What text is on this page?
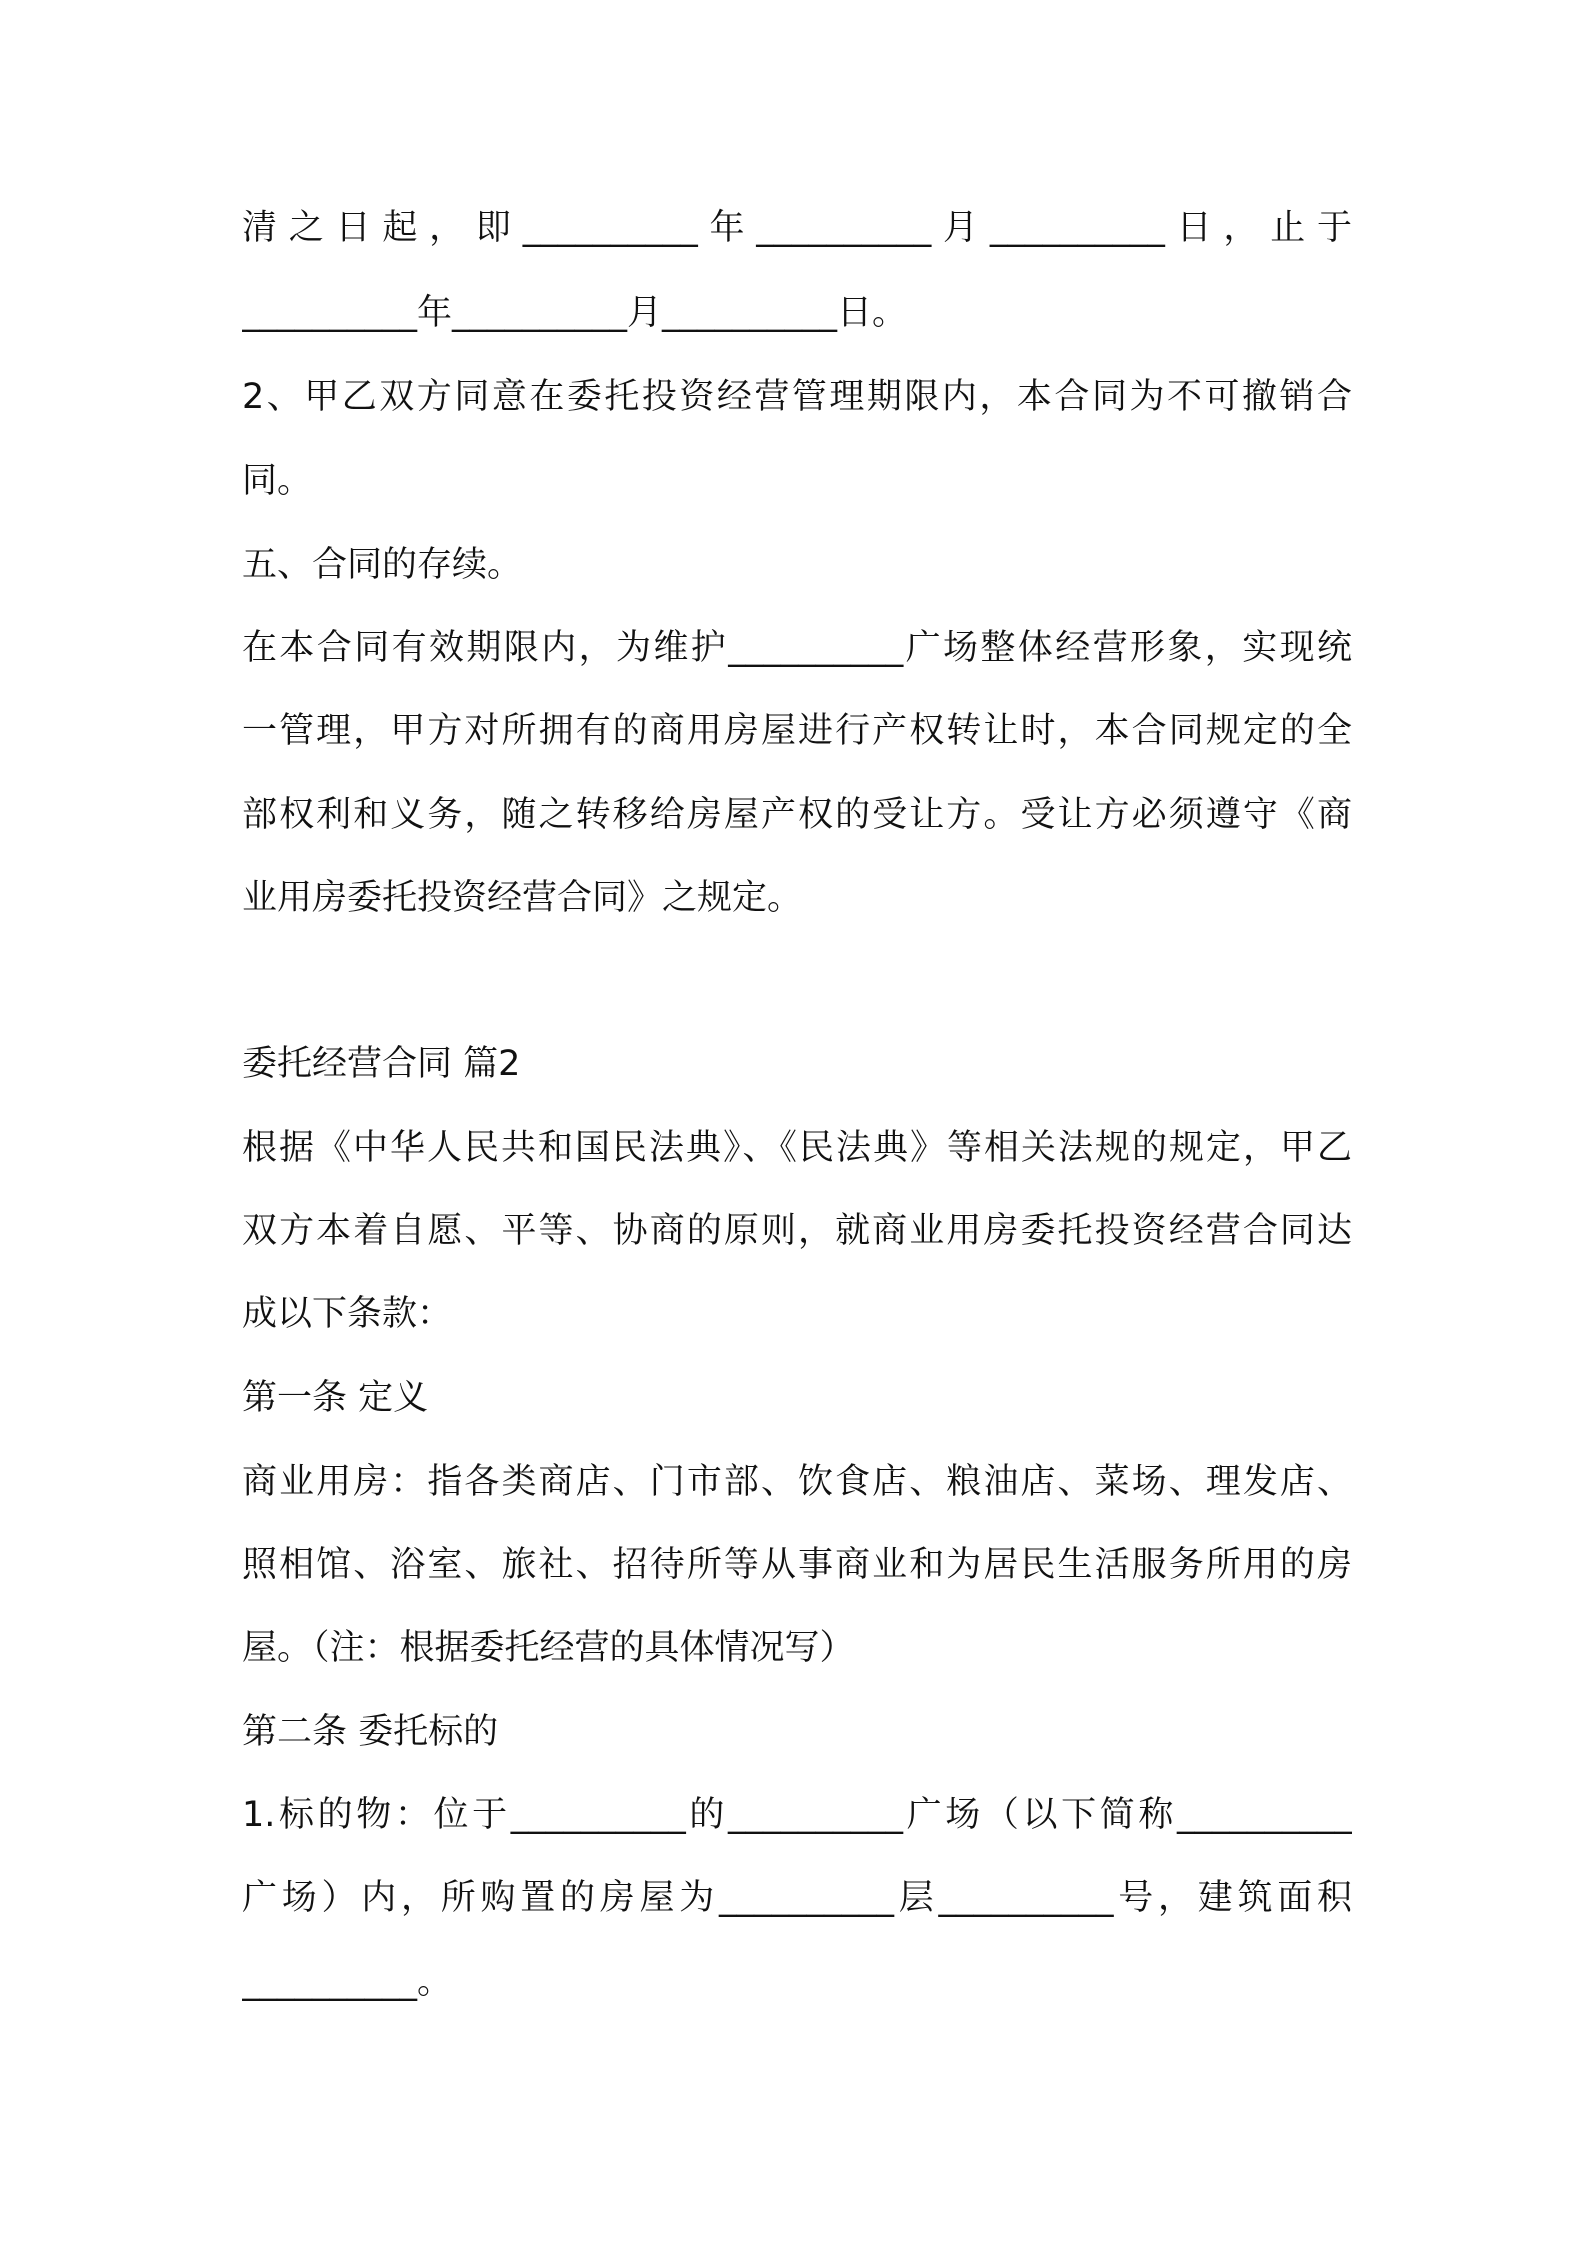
清之日起，即__________年__________月__________日，止于
__________年__________月__________日。
2、甲乙双方同意在委托投资经营管理期限内，本合同为不可撤销合
同。
五、合同的存续。
在本合同有效期限内，为维护__________广场整体经营形象，实现统
一管理，甲方对所拥有的商用房屋进行产权转让时，本合同规定的全
部权利和义务，随之转移给房屋产权的受让方。受让方必须遵守《商
业用房委托投资经营合同》之规定。
委托经营合同 篇2
根据《中华人民共和国民法典》、《民法典》等相关法规的规定，甲乙
双方本着自愿、平等、协商的原则，就商业用房委托投资经营合同达
成以下条款：
第一条 定义
商业用房：指各类商店、门市部、饮食店、粮油店、菜场、理发店、
照相馆、浴室、旅社、招待所等从事商业和为居民生活服务所用的房
屋。（注：根据委托经营的具体情况写）
第二条 委托标的
1.标的物：位于__________的__________广场（以下简称__________
广场）内，所购置的房屋为__________层__________号，建筑面积
__________。
